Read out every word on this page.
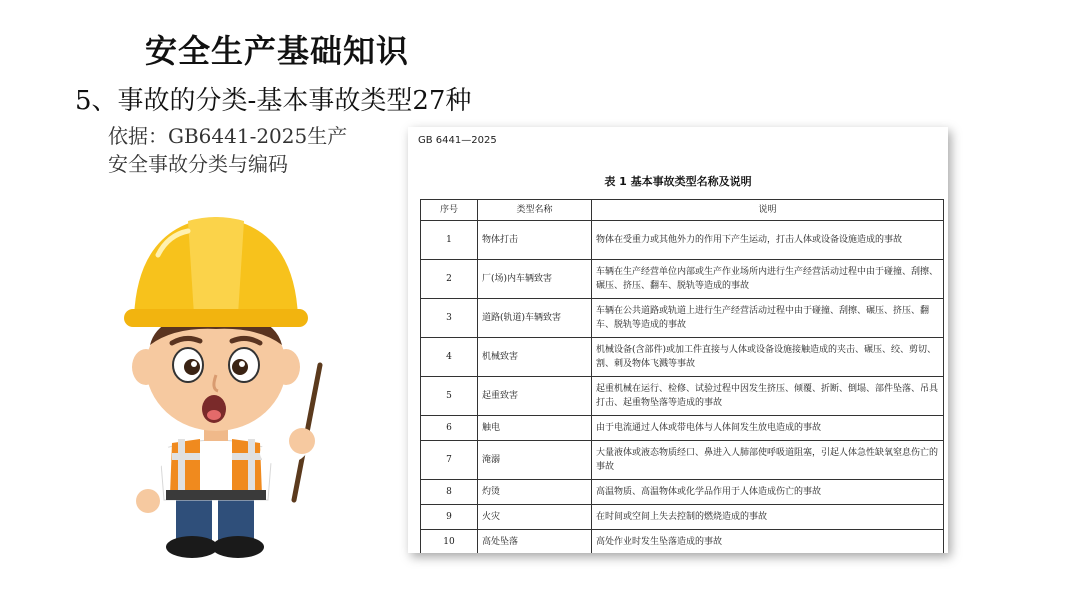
安全生产基础知识
5、事故的分类-基本事故类型27种
依据：GB6441-2025生产
安全事故分类与编码
GB 6441—2025
表 1 基本事故类型名称及说明
序号	类型名称	说明
1	物体打击	物体在受重力或其他外力的作用下产生运动，打击人体或设备设施造成的事故
2	厂(场)内车辆致害	车辆在生产经营单位内部或生产作业场所内进行生产经营活动过程中由于碰撞、刮擦、碾压、挤压、翻车、脱轨等造成的事故
3	道路(轨道)车辆致害	车辆在公共道路或轨道上进行生产经营活动过程中由于碰撞、刮擦、碾压、挤压、翻车、脱轨等造成的事故
4	机械致害	机械设备(含部件)或加工件直接与人体或设备设施接触造成的夹击、碾压、绞、剪切、割、刺及物体飞溅等事故
5	起重致害	起重机械在运行、检修、试验过程中因发生挤压、倾覆、折断、倒塌、部件坠落、吊具打击、起重物坠落等造成的事故
6	触电	由于电流通过人体或带电体与人体间发生放电造成的事故
7	淹溺	大量液体或液态物质经口、鼻进入人肺部使呼吸道阻塞，引起人体急性缺氧窒息伤亡的事故
8	灼烫	高温物质、高温物体或化学品作用于人体造成伤亡的事故
9	火灾	在时间或空间上失去控制的燃烧造成的事故
10	高处坠落	高处作业时发生坠落造成的事故
